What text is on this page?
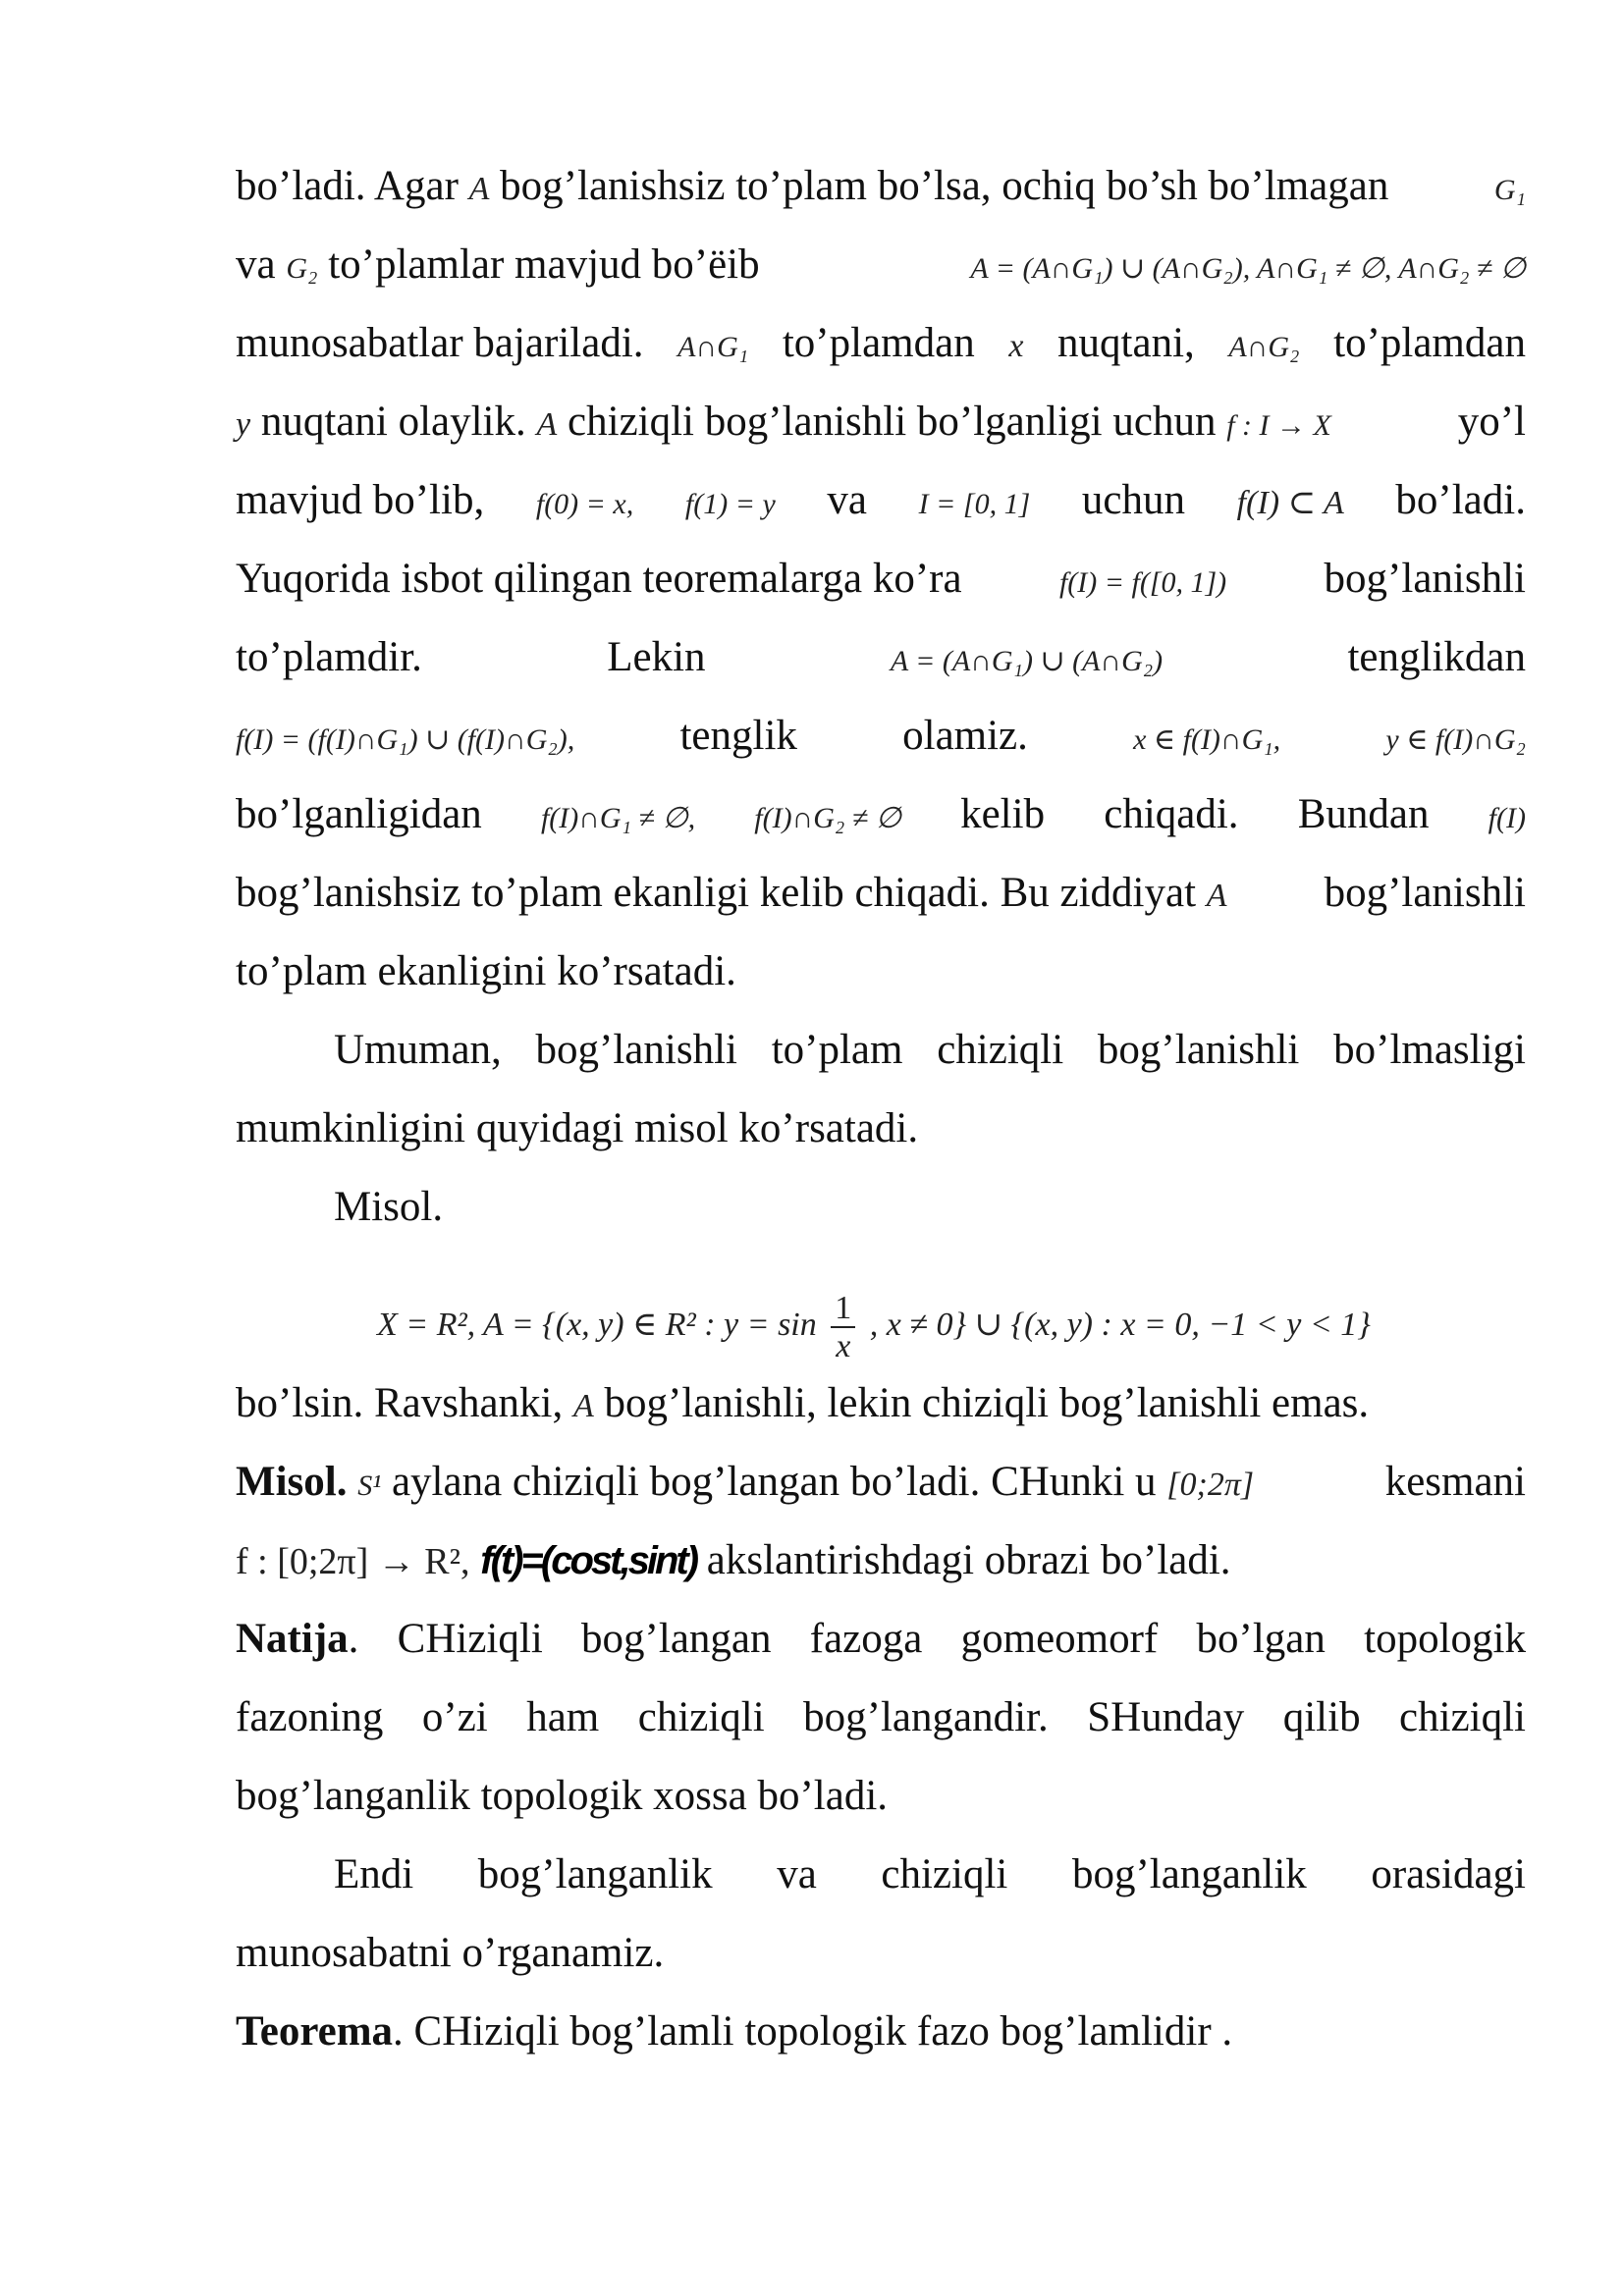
bo’ladi. Agar A bog’lanishsiz to’plam bo’lsa, ochiq bo’sh bo’lmagan	G₁
va G₂ to’plamlar mavjud bo’ëib	A = (A∩G₁) ∪ (A∩G₂), A∩G₁ ≠ ∅, A∩G₂ ≠ ∅
munosabatlar bajariladi. A∩G₁ to’plamdan x nuqtani, A∩G₂ to’plamdan
y nuqtani olaylik. A chiziqli bog’lanishli bo’lganligi uchun f : I → X	yo’l
mavjud bo’lib, f(0) = x, f(1) = y va I = [0, 1] uchun f(I) ⊂ A bo’ladi.
Yuqorida isbot qilingan teoremalarga ko’ra	f(I) = f([0, 1]) bog’lanishli
to’plamdir.	Lekin	A = (A∩G₁) ∪ (A∩G₂)	tenglikdan
f(I) = (f(I)∩G₁) ∪ (f(I)∩G₂), tenglik olamiz.	x ∈ f(I)∩G₁,	y ∈ f(I)∩G₂
bo’lganligidan f(I)∩G₁ ≠ ∅, f(I)∩G₂ ≠ ∅ kelib chiqadi. Bundan f(I)
bog’lanishsiz to’plam ekanligi kelib chiqadi. Bu ziddiyat A bog’lanishli
to’plam ekanligini ko’rsatadi.
Umuman, bog’lanishli to’plam chiziqli bog’lanishli bo’lmasligi
mumkinligini quyidagi misol ko’rsatadi.
Misol.
X = R², A = {(x, y) ∈ R² : $y = \sin \frac{1}{x}$ , x ≠ 0} ∪ {(x, y) : x = 0, −1 < y < 1}
bo’lsin. Ravshanki, A bog’lanishli, lekin chiziqli bog’lanishli emas.
Misol. S¹ aylana chiziqli bog’langan bo’ladi. CHunki u [0;2π]	kesmani
f : [0;2π] → R², f(t)=(cost,sint) akslantirishdagi obrazi bo’ladi.
Natija. CHiziqli bog’langan fazoga gomeomorf bo’lgan topologik
fazoning o’zi ham chiziqli bog’langandir. SHunday qilib chiziqli
bog’langanlik topologik xossa bo’ladi.
Endi bog’langanlik va chiziqli bog’langanlik orasidagi
munosabatni o’rganamiz.
Teorema. CHiziqli bog’lamli topologik fazo bog’lamlidir .
